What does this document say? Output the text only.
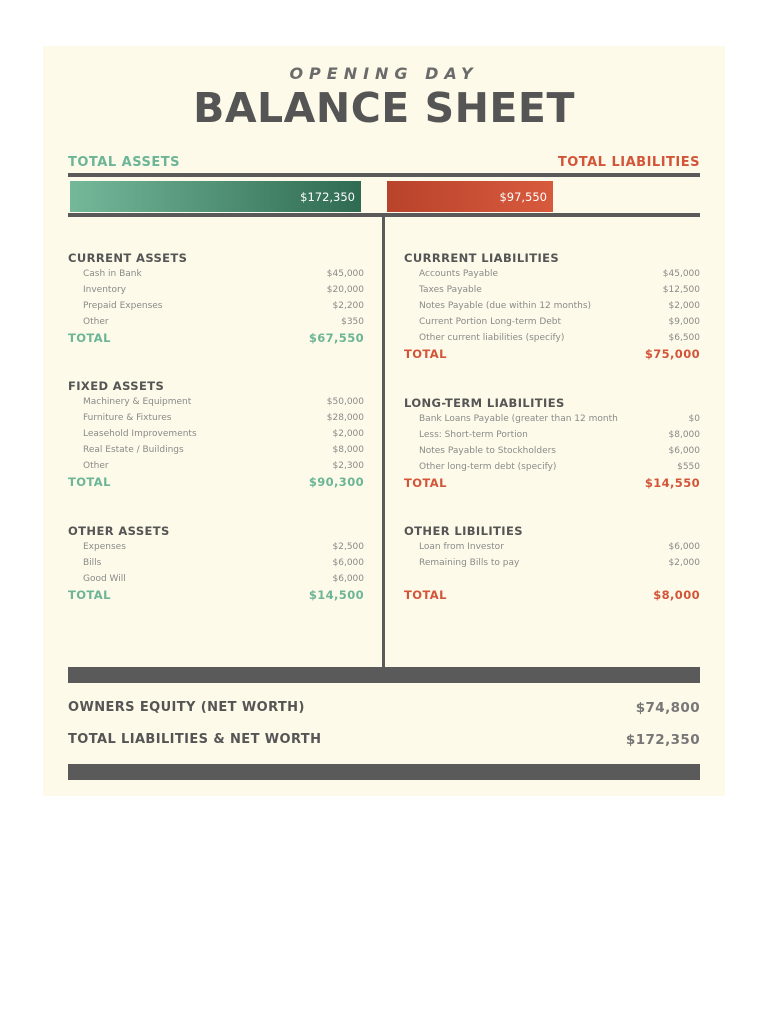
OPENING DAY
BALANCE SHEET
TOTAL ASSETS	TOTAL LIABILITIES
$172,350	$97,550
CURRENT ASSETS
Cash in Bank	$45,000
Inventory	$20,000
Prepaid Expenses	$2,200
Other	$350
TOTAL	$67,550
FIXED ASSETS
Machinery & Equipment	$50,000
Furniture & Fixtures	$28,000
Leasehold Improvements	$2,000
Real Estate / Buildings	$8,000
Other	$2,300
TOTAL	$90,300
OTHER ASSETS
Expenses	$2,500
Bills	$6,000
Good Will	$6,000
TOTAL	$14,500
CURRRENT LIABILITIES
Accounts Payable	$45,000
Taxes Payable	$12,500
Notes Payable (due within 12 months)	$2,000
Current Portion Long-term Debt	$9,000
Other current liabilities (specify)	$6,500
TOTAL	$75,000
LONG-TERM LIABILITIES
Bank Loans Payable (greater than 12 month	$0
Less: Short-term Portion	$8,000
Notes Payable to Stockholders	$6,000
Other long-term debt (specify)	$550
TOTAL	$14,550
OTHER LIBILITIES
Loan from Investor	$6,000
Remaining Bills to pay	$2,000
TOTAL	$8,000
OWNERS EQUITY (NET WORTH)	$74,800
TOTAL LIABILITIES & NET WORTH	$172,350
